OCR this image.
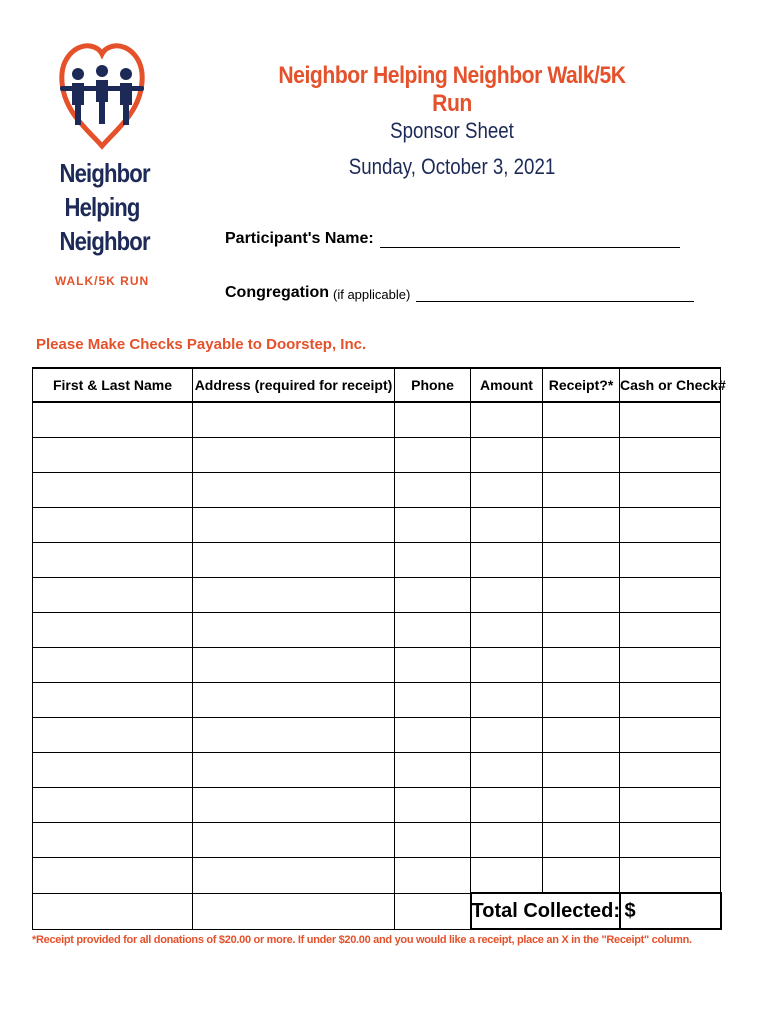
Neighbor
Helping
Neighbor
WALK/5K RUN
Neighbor Helping Neighbor Walk/5K Run
Sponsor Sheet
Sunday, October 3, 2021
Participant's Name:
Congregation (if applicable)
Please Make Checks Payable to Doorstep, Inc.
First & Last Name	Address (required for receipt)	Phone	Amount	Receipt?*	Cash or Check#

			Total Collected:		$
*Receipt provided for all donations of $20.00 or more. If under $20.00 and you would like a receipt, place an X in the "Receipt" column.
